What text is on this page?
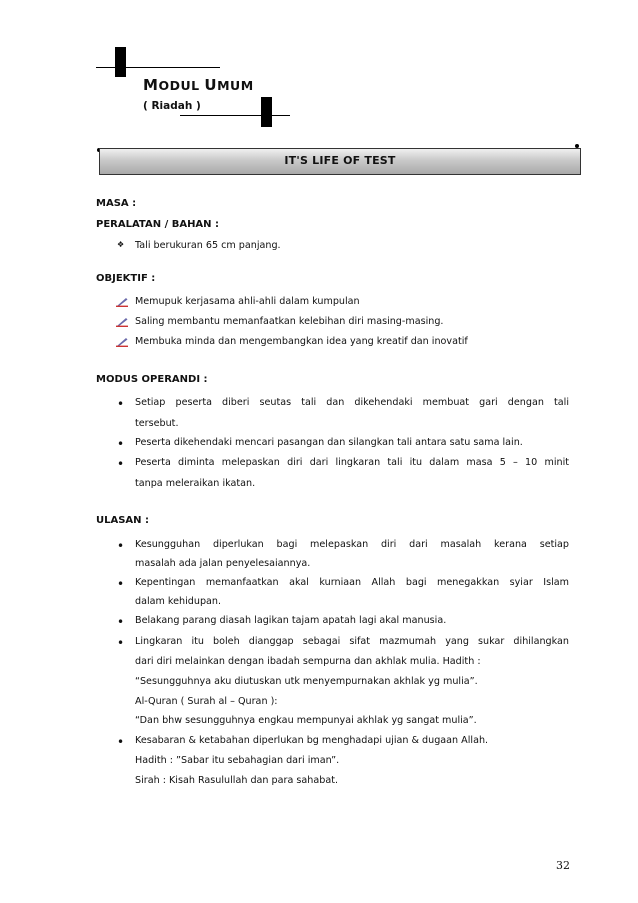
MODUL UMUM
( Riadah )
IT'S LIFE OF TEST
MASA :
PERALATAN / BAHAN :
❖ Tali berukuran 65 cm panjang.
OBJEKTIF :
Memupuk kerjasama ahli-ahli dalam kumpulan
Saling membantu memanfaatkan kelebihan diri masing-masing.
Membuka minda dan mengembangkan idea yang kreatif dan inovatif
MODUS OPERANDI :
• Setiap peserta diberi seutas tali dan dikehendaki membuat gari dengan tali
tersebut.
• Peserta dikehendaki mencari pasangan dan silangkan tali antara satu sama lain.
• Peserta diminta melepaskan diri dari lingkaran tali itu dalam masa 5 – 10 minit
tanpa meleraikan ikatan.
ULASAN :
• Kesungguhan diperlukan bagi melepaskan diri dari masalah kerana setiap
masalah ada jalan penyelesaiannya.
• Kepentingan memanfaatkan akal kurniaan Allah bagi menegakkan syiar Islam
dalam kehidupan.
• Belakang parang diasah lagikan tajam apatah lagi akal manusia.
• Lingkaran itu boleh dianggap sebagai sifat mazmumah yang sukar dihilangkan
dari diri melainkan dengan ibadah sempurna dan akhlak mulia. Hadith :
“Sesungguhnya aku diutuskan utk menyempurnakan akhlak yg mulia”.
Al-Quran ( Surah al – Quran ):
“Dan bhw sesungguhnya engkau mempunyai akhlak yg sangat mulia”.
• Kesabaran & ketabahan diperlukan bg menghadapi ujian & dugaan Allah.
Hadith : ”Sabar itu sebahagian dari iman”.
Sirah : Kisah Rasulullah dan para sahabat.
32
